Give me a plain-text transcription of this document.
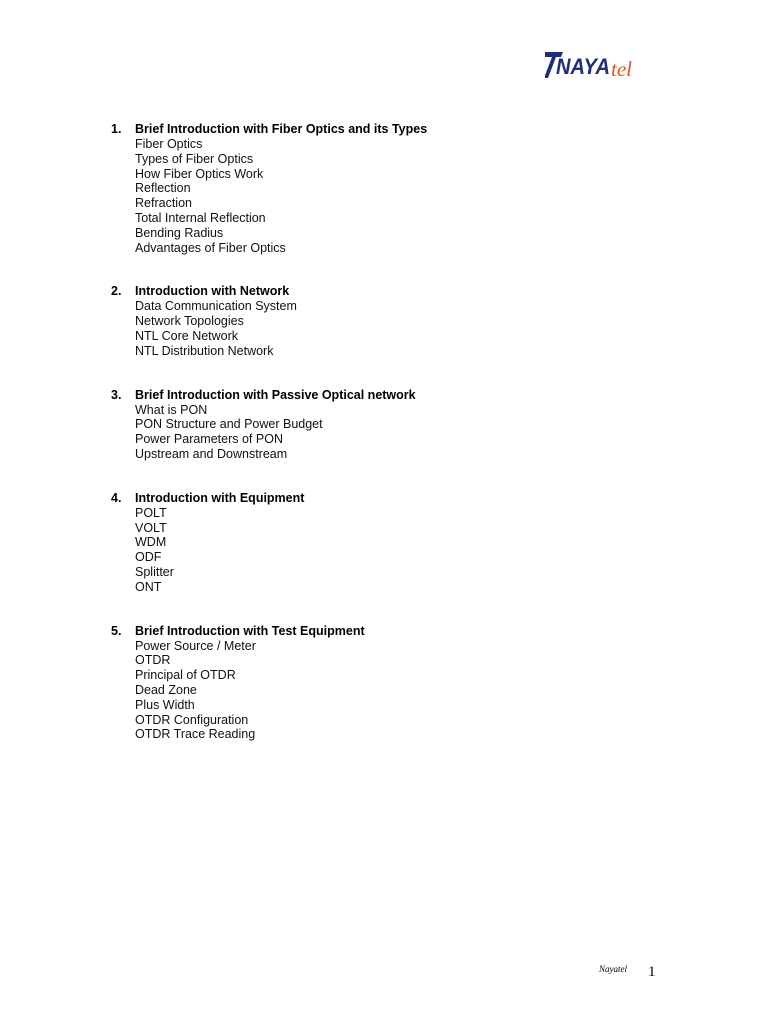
NAYA tel
1.	Brief Introduction with Fiber Optics and its Types
Fiber Optics
Types of Fiber Optics
How Fiber Optics Work
Reflection
Refraction
Total Internal Reflection
Bending Radius
Advantages of Fiber Optics
2.	Introduction with Network
Data Communication System
Network Topologies
NTL Core Network
NTL Distribution Network
3.	Brief Introduction with Passive Optical network
What is PON
PON Structure and Power Budget
Power Parameters of PON
Upstream and Downstream
4.	Introduction with Equipment
POLT
VOLT
WDM
ODF
Splitter
ONT
5.	Brief Introduction with Test Equipment
Power Source / Meter
OTDR
Principal of OTDR
Dead Zone
Plus Width
OTDR Configuration
OTDR Trace Reading
Nayatel 1
